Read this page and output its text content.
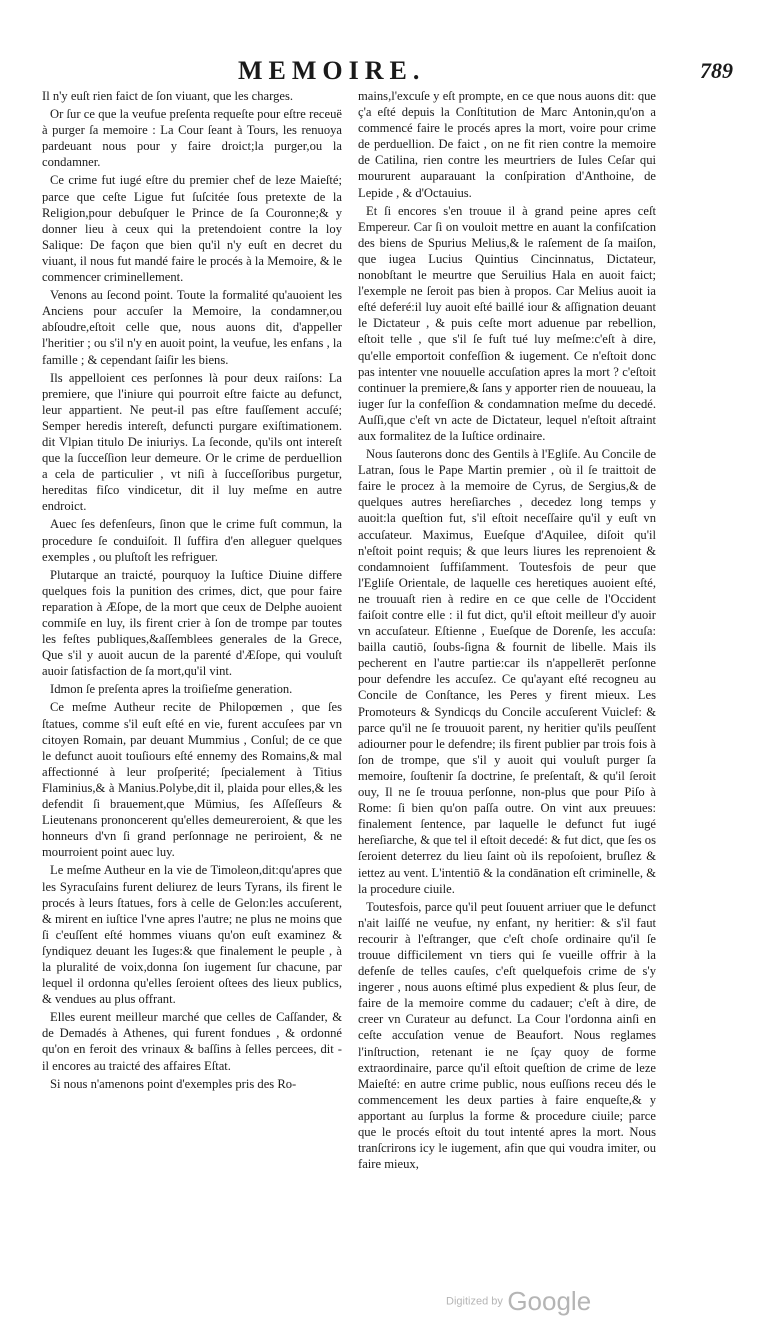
MEMOIRE.	789

Il n'y euſt rien faict de ſon viuant, que les charges.

Or ſur ce que la veufue preſenta requeſte pour eſtre receuë à purger ſa memoire : La Cour ſeant à Tours, les renuoya pardeuant nous pour y faire droict;la purger,ou la condamner.

Ce crime fut iugé eſtre du premier chef de leze Maieſté; parce que ceſte Ligue fut ſuſcitée ſous pretexte de la Religion,pour debuſquer le Prince de ſa Couronne;& y donner lieu à ceux qui la pretendoient contre la loy Salique: De façon que bien qu'il n'y euſt en decret du viuant, il nous fut mandé faire le procés à la Memoire, & le commencer criminellement.

Venons au ſecond point. Toute la formalité qu'auoient les Anciens pour accuſer la Memoire, la condamner,ou abſoudre,eſtoit celle que, nous auons dit, d'appeller l'heritier ; ou s'il n'y en auoit point, la veufue, les enfans , la famille ; & cependant ſaiſir les biens.

Ils appelloient ces perſonnes là pour deux raiſons: La premiere, que l'iniure qui pourroit eſtre faicte au defunct, leur appartient. Ne peut-il pas eſtre fauſſement accuſé; Semper heredis intereſt, defuncti purgare exiſtimationem. dit Vlpian titulo De iniuriys. La ſeconde, qu'ils ont intereſt que la ſucceſſion leur demeure. Or le crime de perduellion a cela de particulier , vt niſi à ſucceſſoribus purgetur, hereditas fiſco vindicetur, dit il luy meſme en autre endroict.

Auec ſes defenſeurs, ſinon que le crime fuſt commun, la procedure ſe conduiſoit. Il ſuffira d'en alleguer quelques exemples , ou pluſtoſt les refriguer.

Plutarque an traicté, pourquoy la Iuſtice Diuine differe quelques fois la punition des crimes, dict, que pour faire reparation à Æſope, de la mort que ceux de Delphe auoient commiſe en luy, ils firent crier à ſon de trompe par toutes les feſtes publiques,&aſſemblees generales de la Grece, Que s'il y auoit aucun de la parenté d'Æſope, qui vouluſt auoir ſatisfaction de ſa mort,qu'il vint.

Idmon ſe preſenta apres la troiſieſme generation.

Ce meſme Autheur recite de Philopœmen , que ſes ſtatues, comme s'il euſt eſté en vie, furent accuſees par vn citoyen Romain, par deuant Mummius , Conſul; de ce que le defunct auoit touſiours eſté ennemy des Romains,& mal affectionné à leur proſperité; ſpecialement à Titius Flaminius,& à Manius.Polybe,dit il, plaida pour elles,& les defendit ſi brauement,que Mümius, ſes Aſſeſſeurs & Lieutenans prononcerent qu'elles demeureroient, & que les honneurs d'vn ſi grand perſonnage ne periroient, & ne mourroient point auec luy.

Le meſme Autheur en la vie de Timoleon,dit:qu'apres que les Syracuſains furent deliurez de leurs Tyrans, ils firent le procés à leurs ſtatues, fors à celle de Gelon:les accuſerent, & mirent en iuſtice l'vne apres l'autre; ne plus ne moins que ſi c'euſſent eſté hommes viuans qu'on euſt examinez & ſyndiquez deuant les Iuges:& que finalement le peuple , à la pluralité de voix,donna ſon iugement ſur chacune, par lequel il ordonna qu'elles ſeroient oſtees des lieux publics, & vendues au plus offrant.

Elles eurent meilleur marché que celles de Caſſander, & de Demadés à Athenes, qui furent fondues , & ordonné qu'on en feroit des vrinaux & baſſins à ſelles percees, dit - il encores au traicté des affaires Eſtat.

Si nous n'amenons point d'exemples pris des Ro-

mains,l'excuſe y eſt prompte, en ce que nous auons dit: que ç'a eſté depuis la Conſtitution de Marc Antonin,qu'on a commencé faire le procés apres la mort, voire pour crime de perduellion. De faict , on ne fit rien contre la memoire de Catilina, rien contre les meurtriers de Iules Ceſar qui moururent auparauant la conſpiration d'Anthoine, de Lepide , & d'Octauius.

Et ſi encores s'en trouue il à grand peine apres ceſt Empereur. Car ſi on vouloit mettre en auant la confiſcation des biens de Spurius Melius,& le raſement de ſa maiſon, que iugea Lucius Quintius Cincinnatus, Dictateur, nonobſtant le meurtre que Seruilius Hala en auoit faict; l'exemple ne ſeroit pas bien à propos. Car Melius auoit ia eſté deferé:il luy auoit eſté baillé iour & aſſignation deuant le Dictateur , & puis ceſte mort aduenue par rebellion, eſtoit telle , que s'il ſe fuſt tué luy meſme:c'eſt à dire, qu'elle emportoit confeſſion & iugement. Ce n'eſtoit donc pas intenter vne nouuelle accuſation apres la mort ? c'eſtoit continuer la premiere,& ſans y apporter rien de nouueau, la iuger ſur la confeſſion & condamnation meſme du decedé. Auſſi,que c'eſt vn acte de Dictateur, lequel n'eſtoit aſtraint aux formalitez de la Iuſtice ordinaire.

Nous ſauterons donc des Gentils à l'Egliſe. Au Concile de Latran, ſous le Pape Martin premier , où il ſe traittoit de faire le procez à la memoire de Cyrus, de Sergius,& de quelques autres hereſiarches , decedez long temps y auoit:la queſtion fut, s'il eſtoit neceſſaire qu'il y euſt vn accuſateur. Maximus, Eueſque d'Aquilee, diſoit qu'il n'eſtoit point requis; & que leurs liures les reprenoient & condamnoient ſuffiſamment. Toutesfois de peur que l'Egliſe Orientale, de laquelle ces heretiques auoient eſté, ne trouuaſt rien à redire en ce que celle de l'Occident faiſoit contre elle : il fut dict, qu'il eſtoit meilleur d'y auoir vn accuſateur. Eſtienne , Eueſque de Dorenſe, les accuſa: bailla cautiō, ſoubs-ſigna & fournit de libelle. Mais ils pecherent en l'autre partie:car ils n'appellerēt perſonne pour defendre les accuſez. Ce qu'ayant eſté recogneu au Concile de Conſtance, les Peres y firent mieux. Les Promoteurs & Syndicqs du Concile accuſerent Vuiclef: & parce qu'il ne ſe trouuoit parent, ny heritier qu'ils peuſſent adiourner pour le defendre; ils firent publier par trois fois à ſon de trompe, que s'il y auoit qui vouluſt purger ſa memoire, ſouſtenir ſa doctrine, ſe preſentaſt, & qu'il ſeroit ouy, Il ne ſe trouua perſonne, non-plus que pour Piſo à Rome: ſi bien qu'on paſſa outre. On vint aux preuues: finalement ſentence, par laquelle le defunct fut iugé hereſiarche, & que tel il eſtoit decedé: & fut dict, que ſes os ſeroient deterrez du lieu ſaint où ils repoſoient, bruſlez & iettez au vent. L'intentiō & la condānation eſt criminelle, & la procedure ciuile.

Toutesfois, parce qu'il peut ſouuent arriuer que le defunct n'ait laiſſé ne veufue, ny enfant, ny heritier: & s'il faut recourir à l'eſtranger, que c'eſt choſe ordinaire qu'il ſe trouue difficilement vn tiers qui ſe vueille offrir à la defenſe de telles cauſes, c'eſt quelquefois crime de s'y ingerer , nous auons eſtimé plus expedient & plus ſeur, de faire de la memoire comme du cadauer; c'eſt à dire, de creer vn Curateur au defunct. La Cour l'ordonna ainſi en ceſte accuſation venue de Beaufort. Nous reglames l'inſtruction, retenant ie ne ſçay quoy de forme extraordinaire, parce qu'il eſtoit queſtion de crime de leze Maieſté: en autre crime public, nous euſſions receu dés le commencement les deux parties à faire enqueſte,& y apportant au ſurplus la forme & procedure ciuile; parce que le procés eſtoit du tout intenté apres la mort. Nous tranſcrirons icy le iugement, afin que qui voudra imiter, ou faire mieux,

Digitized by Google
